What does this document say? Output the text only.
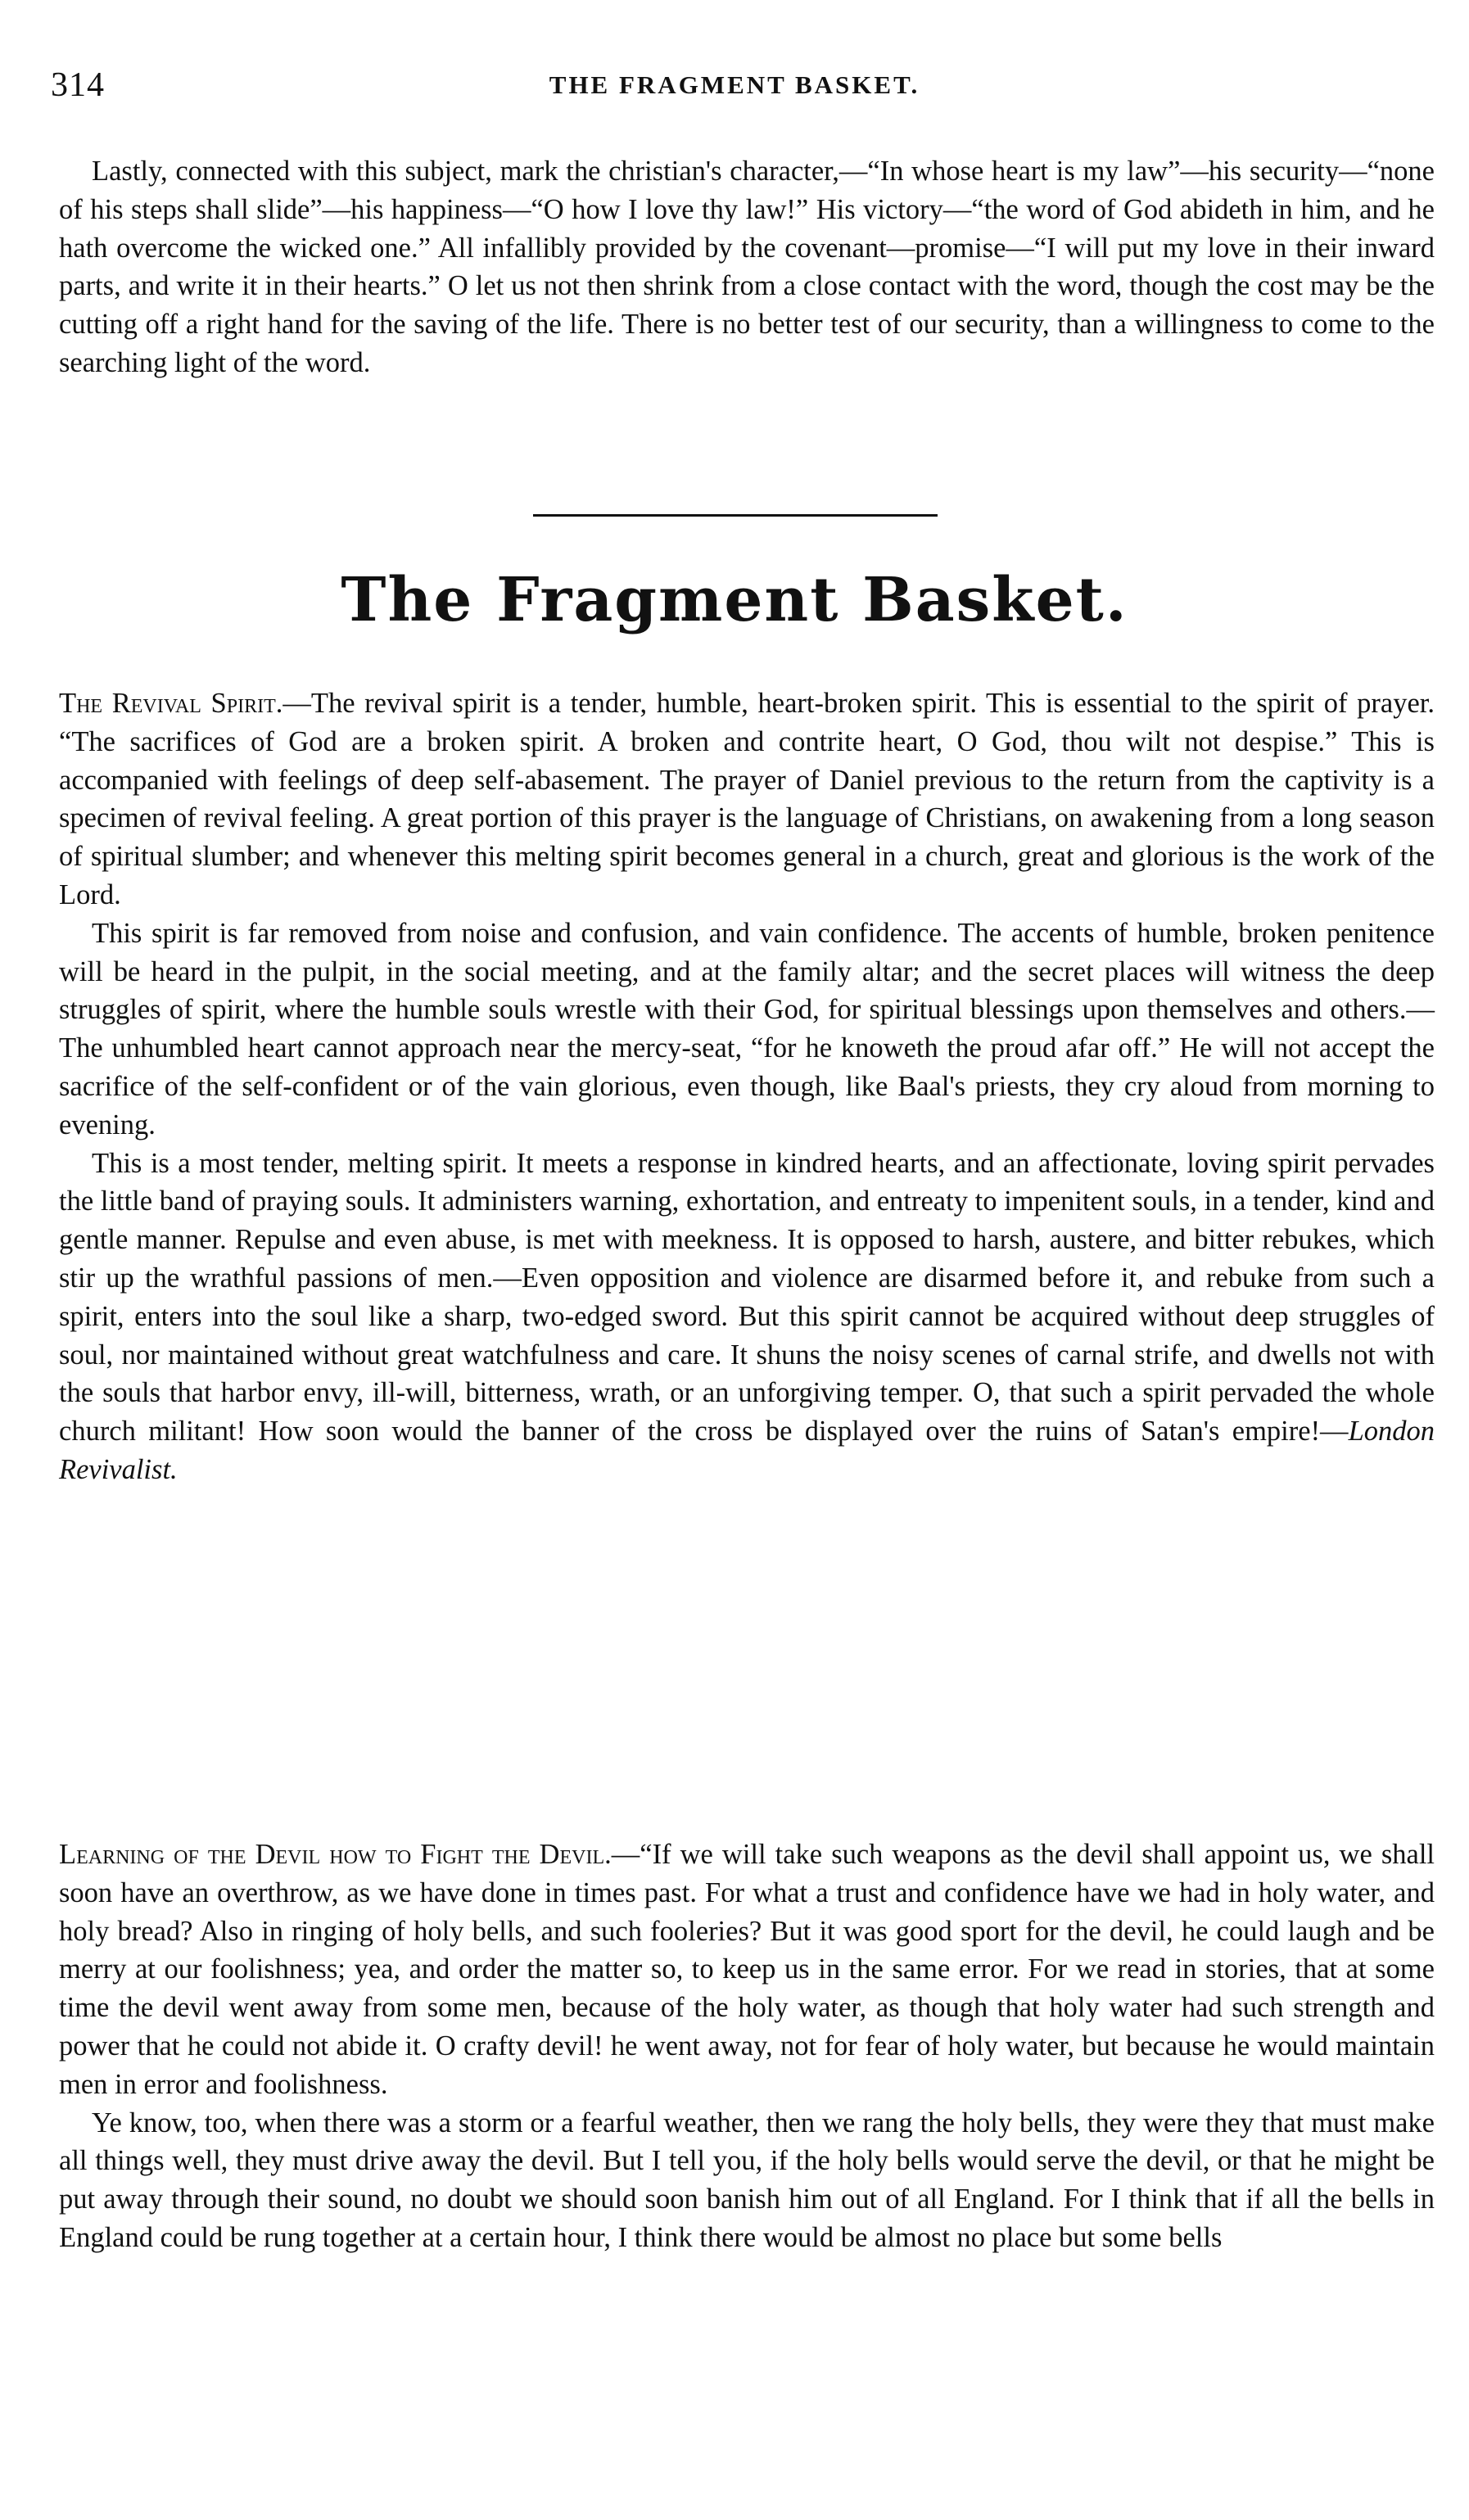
314	THE FRAGMENT BASKET.

Lastly, connected with this subject, mark the christian's character,—“In whose heart is my law”—his security—“none of his steps shall slide”—his happiness—“O how I love thy law!” His victory—“the word of God abideth in him, and he hath overcome the wicked one.” All infallibly provided by the covenant—promise—“I will put my love in their inward parts, and write it in their hearts.” O let us not then shrink from a close contact with the word, though the cost may be the cutting off a right hand for the saving of the life. There is no better test of our security, than a willingness to come to the searching light of the word.

The Fragment Basket.

The Revival Spirit.—The revival spirit is a tender, humble, heart-broken spirit. This is essential to the spirit of prayer. “The sacrifices of God are a broken spirit. A broken and contrite heart, O God, thou wilt not despise.” This is accompanied with feelings of deep self-abasement. The prayer of Daniel previous to the return from the captivity is a specimen of revival feeling. A great portion of this prayer is the language of Christians, on awakening from a long season of spiritual slumber; and whenever this melting spirit becomes general in a church, great and glorious is the work of the Lord.

This spirit is far removed from noise and confusion, and vain confidence. The accents of humble, broken penitence will be heard in the pulpit, in the social meeting, and at the family altar; and the secret places will witness the deep struggles of spirit, where the humble souls wrestle with their God, for spiritual blessings upon themselves and others.—The unhumbled heart cannot approach near the mercy-seat, “for he knoweth the proud afar off.” He will not accept the sacrifice of the self-confident or of the vain glorious, even though, like Baal's priests, they cry aloud from morning to evening.

This is a most tender, melting spirit. It meets a response in kindred hearts, and an affectionate, loving spirit pervades the little band of praying souls. It administers warning, exhortation, and entreaty to impenitent souls, in a tender, kind and gentle manner. Repulse and even abuse, is met with meekness. It is opposed to harsh, austere, and bitter rebukes, which stir up the wrathful passions of men.—Even opposition and violence are disarmed before it, and rebuke from such a spirit, enters into the soul like a sharp, two-edged sword. But this spirit cannot be acquired without deep struggles of soul, nor maintained without great watchfulness and care. It shuns the noisy scenes of carnal strife, and dwells not with the souls that harbor envy, ill-will, bitterness, wrath, or an unforgiving temper. O, that such a spirit pervaded the whole church militant! How soon would the banner of the cross be displayed over the ruins of Satan's empire!—London Revivalist.

Learning of the Devil how to Fight the Devil.—“If we will take such weapons as the devil shall appoint us, we shall soon have an overthrow, as we have done in times past. For what a trust and confidence have we had in holy water, and holy bread? Also in ringing of holy bells, and such fooleries? But it was good sport for the devil, he could laugh and be merry at our foolishness; yea, and order the matter so, to keep us in the same error. For we read in stories, that at some time the devil went away from some men, because of the holy water, as though that holy water had such strength and power that he could not abide it. O crafty devil! he went away, not for fear of holy water, but because he would maintain men in error and foolishness.

Ye know, too, when there was a storm or a fearful weather, then we rang the holy bells, they were they that must make all things well, they must drive away the devil. But I tell you, if the holy bells would serve the devil, or that he might be put away through their sound, no doubt we should soon banish him out of all England. For I think that if all the bells in England could be rung together at a certain hour, I think there would be almost no place but some bells
